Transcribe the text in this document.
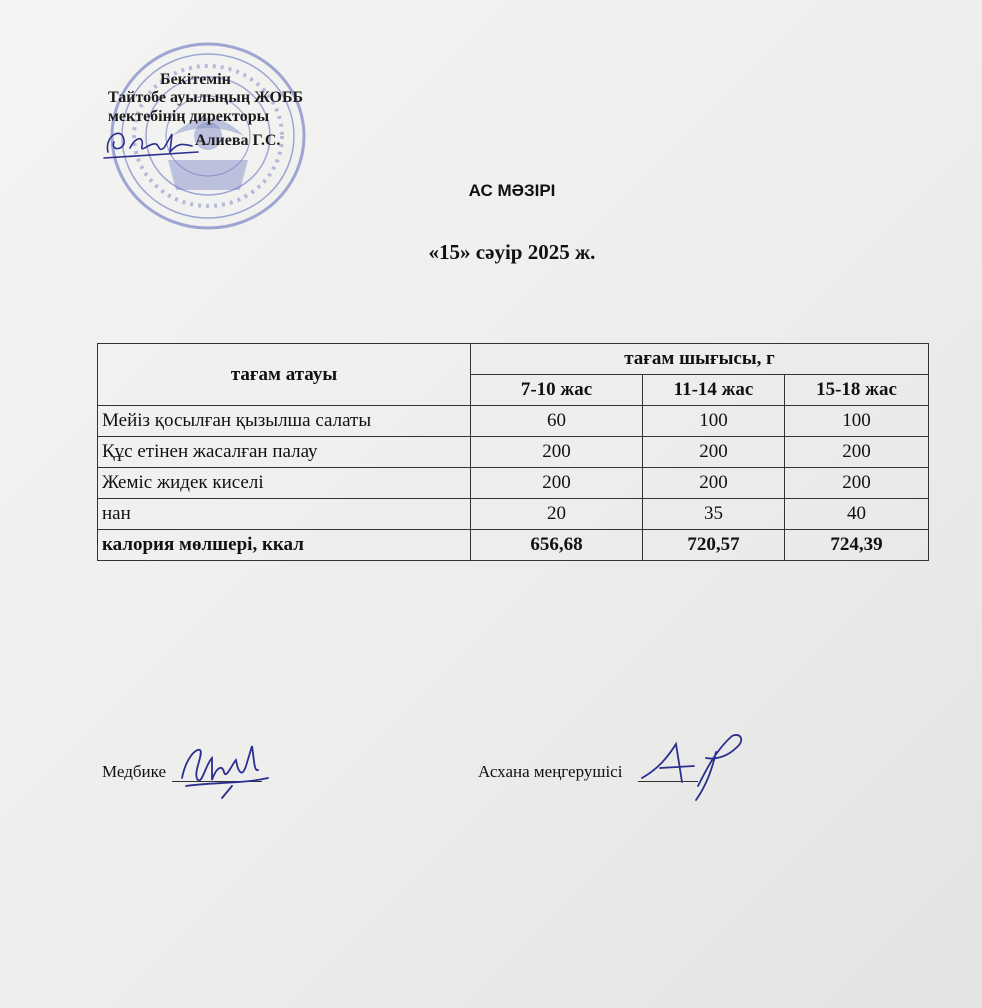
Бекітемін
Тайтобе ауылыңың ЖОББ
мектебінің директоры
Алиева Г.С.
АС МӘЗІРІ
«15» сәуір 2025 ж.
тағам атауы	тағам шығысы, г		
	7-10 жас	11-14 жас	15-18 жас
Мейіз қосылған қызылша салаты	60	100	100
Құс етінен жасалған палау	200	200	200
Жеміс жидек киселі	200	200	200
нан	20	35	40
калория мөлшері, ккал	656,68	720,57	724,39
Медбике	Асхана меңгерушісі
